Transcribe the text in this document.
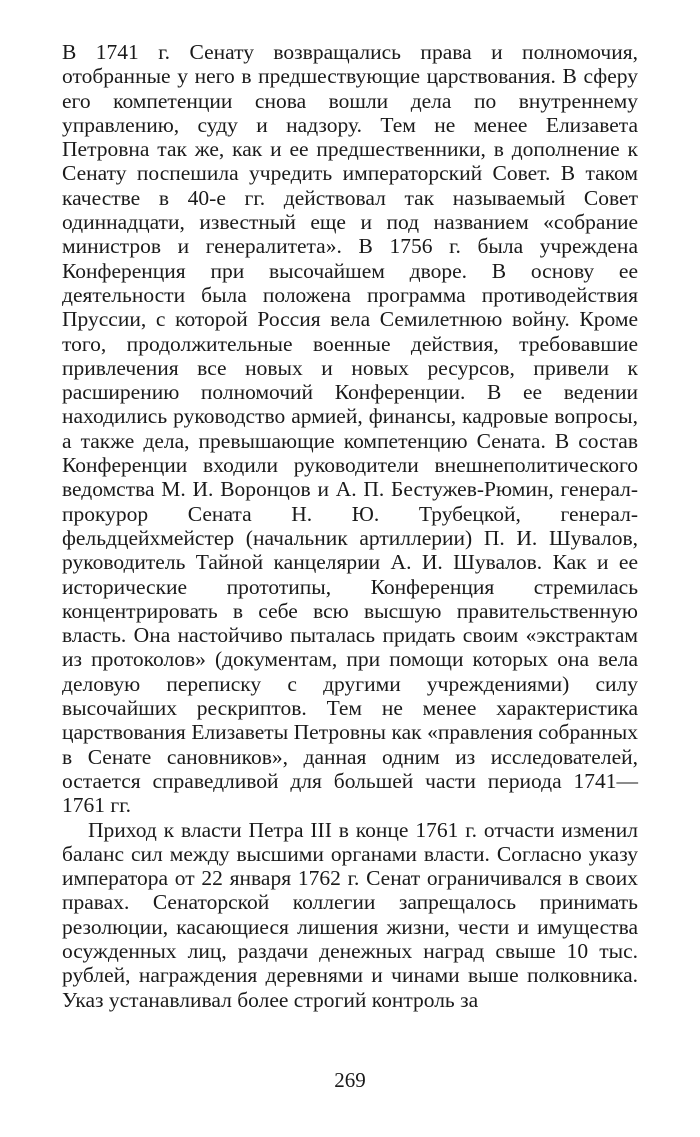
В 1741 г. Сенату возвращались права и полномочия, отобранные у него в предшествующие царствования. В сферу его компетенции снова вошли дела по внутреннему управлению, суду и надзору. Тем не менее Елизавета Петровна так же, как и ее предшественники, в дополнение к Сенату поспешила учредить императорский Совет. В таком качестве в 40-е гг. действовал так называемый Совет одиннадцати, известный еще и под названием «собрание министров и генералитета». В 1756 г. была учреждена Конференция при высочайшем дворе. В основу ее деятельности была положена программа противодействия Пруссии, с которой Россия вела Семилетнюю войну. Кроме того, продолжительные военные действия, требовавшие привлечения все новых и новых ресурсов, привели к расширению полномочий Конференции. В ее ведении находились руководство армией, финансы, кадровые вопросы, а также дела, превышающие компетенцию Сената. В состав Конференции входили руководители внешнеполитического ведомства М. И. Воронцов и А. П. Бестужев-Рюмин, генерал-прокурор Сената Н. Ю. Трубецкой, генерал-фельдцейхмейстер (начальник артиллерии) П. И. Шувалов, руководитель Тайной канцелярии А. И. Шувалов. Как и ее исторические прототипы, Конференция стремилась концентрировать в себе всю высшую правительственную власть. Она настойчиво пыталась придать своим «экстрактам из протоколов» (документам, при помощи которых она вела деловую переписку с другими учреждениями) силу высочайших рескриптов. Тем не менее характеристика царствования Елизаветы Петровны как «правления собранных в Сенате сановников», данная одним из исследователей, остается справедливой для большей части периода 1741—1761 гг.

Приход к власти Петра III в конце 1761 г. отчасти изменил баланс сил между высшими органами власти. Согласно указу императора от 22 января 1762 г. Сенат ограничивался в своих правах. Сенаторской коллегии запрещалось принимать резолюции, касающиеся лишения жизни, чести и имущества осужденных лиц, раздачи денежных наград свыше 10 тыс. рублей, награждения деревнями и чинами выше полковника. Указ устанавливал более строгий контроль за

269
